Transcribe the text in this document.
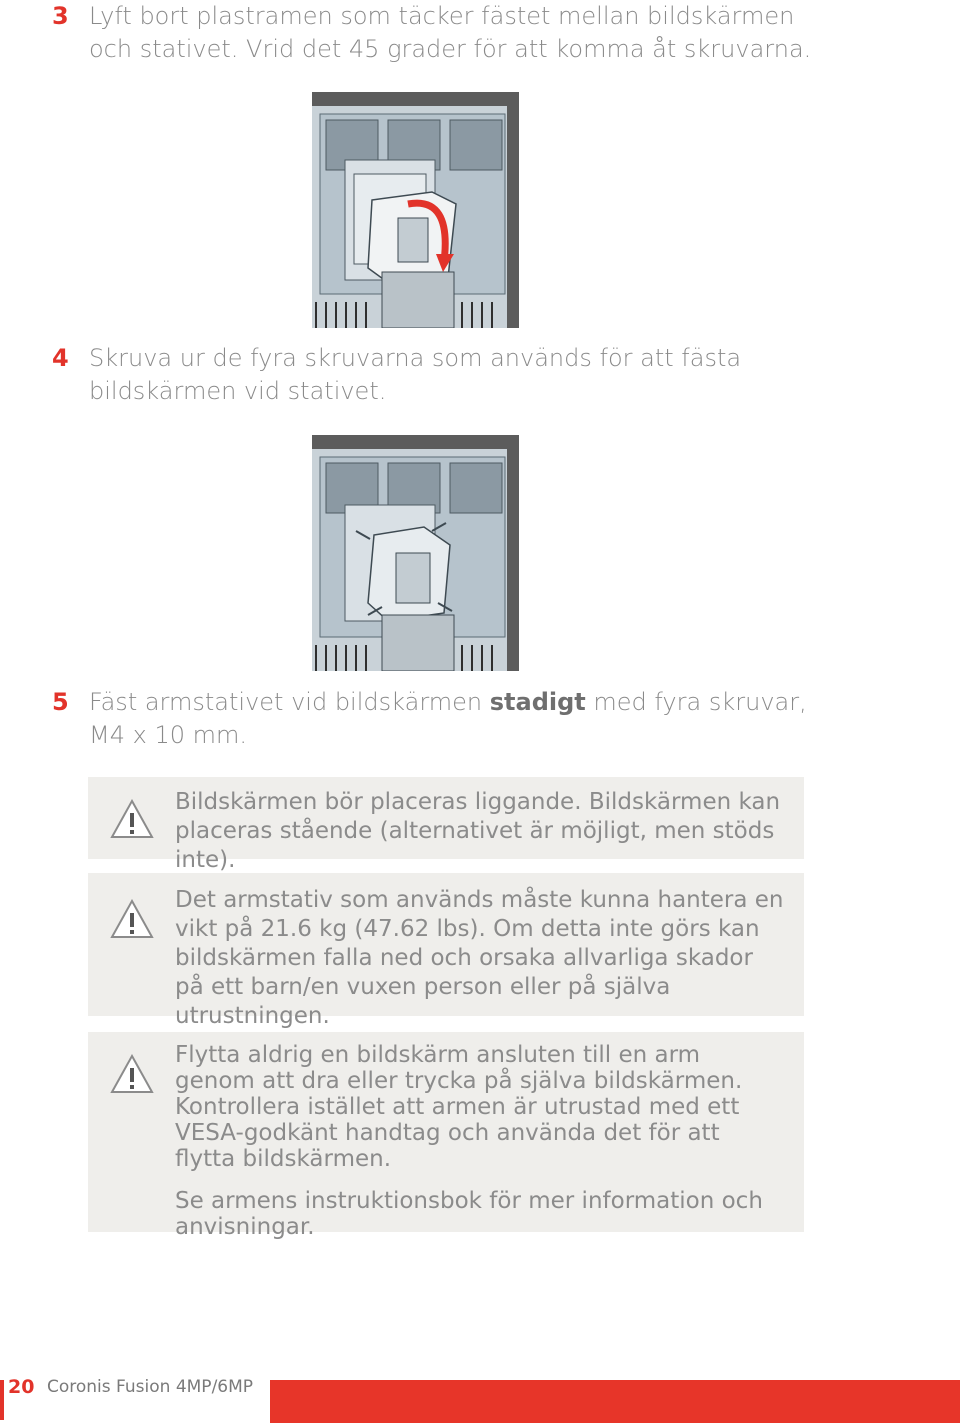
3 Lyft bort plastramen som täcker fästet mellan bildskärmen och stativet. Vrid det 45 grader för att komma åt skruvarna.
4 Skruva ur de fyra skruvarna som används för att fästa bildskärmen vid stativet.
5 Fäst armstativet vid bildskärmen stadigt med fyra skruvar, M4 x 10 mm.
Bildskärmen bör placeras liggande. Bildskärmen kan placeras stående (alternativet är möjligt, men stöds inte).
Det armstativ som används måste kunna hantera en vikt på 21.6 kg (47.62 lbs). Om detta inte görs kan bildskärmen falla ned och orsaka allvarliga skador på ett barn/en vuxen person eller på själva utrustningen.

Flytta aldrig en bildskärm ansluten till en arm genom att dra eller trycka på själva bildskärmen. Kontrollera istället att armen är utrustad med ett VESA-godkänt handtag och använda det för att flytta bildskärmen.

Se armens instruktionsbok för mer information och anvisningar.

20 Coronis Fusion 4MP/6MP
